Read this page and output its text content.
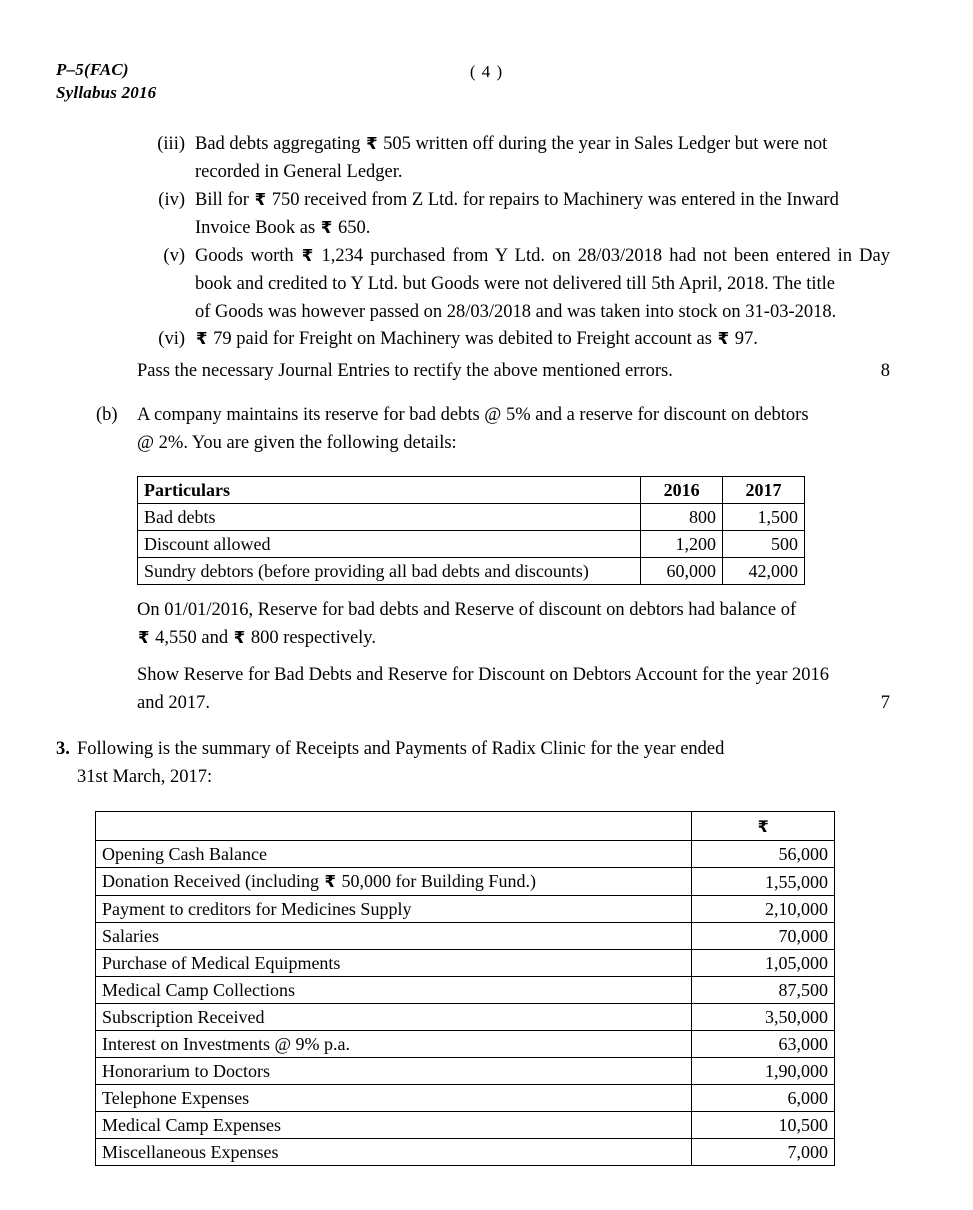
P–5(FAC)
Syllabus 2016
( 4 )
(iii) Bad debts aggregating ₹ 505 written off during the year in Sales Ledger but were not
recorded in General Ledger.
(iv) Bill for ₹ 750 received from Z Ltd. for repairs to Machinery was entered in the Inward
Invoice Book as ₹ 650.
(v) Goods worth ₹ 1,234 purchased from Y Ltd. on 28/03/2018 had not been entered in Day book and credited to Y Ltd. but Goods were not delivered till 5th April, 2018. The title
of Goods was however passed on 28/03/2018 and was taken into stock on 31-03-2018.
(vi) ₹ 79 paid for Freight on Machinery was debited to Freight account as ₹ 97.
Pass the necessary Journal Entries to rectify the above mentioned errors.	8
(b)	A company maintains its reserve for bad debts @ 5% and a reserve for discount on debtors
@ 2%. You are given the following details:
Particulars	2016	2017
Bad debts	800	1,500
Discount allowed	1,200	500
Sundry debtors (before providing all bad debts and discounts)	60,000	42,000
On 01/01/2016, Reserve for bad debts and Reserve of discount on debtors had balance of
₹ 4,550 and ₹ 800 respectively.
Show Reserve for Bad Debts and Reserve for Discount on Debtors Account for the year 2016
and 2017.	7
3. Following is the summary of Receipts and Payments of Radix Clinic for the year ended
31st March, 2017:
	₹
Opening Cash Balance	56,000
Donation Received (including ₹ 50,000 for Building Fund.)	1,55,000
Payment to creditors for Medicines Supply	2,10,000
Salaries	70,000
Purchase of Medical Equipments	1,05,000
Medical Camp Collections	87,500
Subscription Received	3,50,000
Interest on Investments @ 9% p.a.	63,000
Honorarium to Doctors	1,90,000
Telephone Expenses	6,000
Medical Camp Expenses	10,500
Miscellaneous Expenses	7,000
